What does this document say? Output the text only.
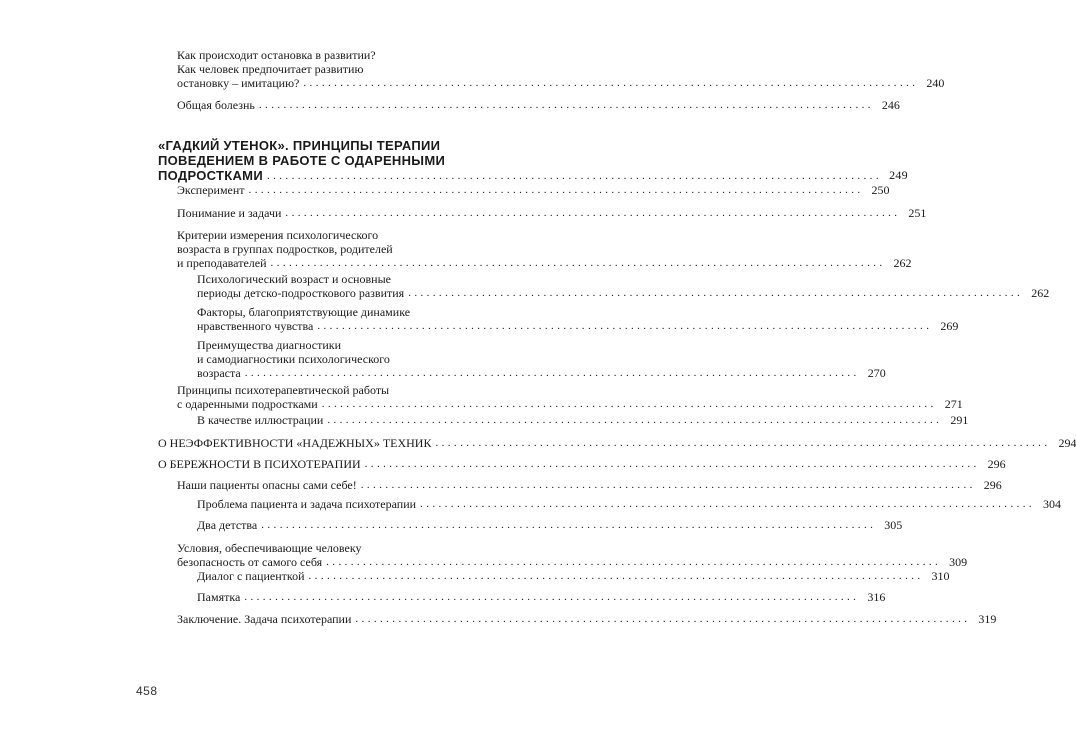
Как происходит остановка в развитии?
Как человек предпочитает развитию
остановку – имитацию? .................................................................................................... 240
Общая болезнь .................................................................................................... 246
«ГАДКИЙ УТЕНОК». ПРИНЦИПЫ ТЕРАПИИ
ПОВЕДЕНИЕМ В РАБОТЕ С ОДАРЕННЫМИ
ПОДРОСТКАМИ .................................................................................................... 249
Эксперимент .................................................................................................... 250
Понимание и задачи .................................................................................................... 251
Критерии измерения психологического
возраста в группах подростков, родителей
и преподавателей .................................................................................................... 262
Психологический возраст и основные
периоды детско-подросткового развития .................................................................................................... 262
Факторы, благоприятствующие динамике
нравственного чувства .................................................................................................... 269
Преимущества диагностики
и самодиагностики психологического
возраста .................................................................................................... 270
Принципы психотерапевтической работы
с одаренными подростками .................................................................................................... 271
В качестве иллюстрации .................................................................................................... 291
О НЕЭФФЕКТИВНОСТИ «НАДЕЖНЫХ» ТЕХНИК .................................................................................................... 294
О БЕРЕЖНОСТИ В ПСИХОТЕРАПИИ .................................................................................................... 296
Наши пациенты опасны сами себе! .................................................................................................... 296
Проблема пациента и задача психотерапии .................................................................................................... 304
Два детства .................................................................................................... 305
Условия, обеспечивающие человеку
безопасность от самого себя .................................................................................................... 309
Диалог с пациенткой .................................................................................................... 310
Памятка .................................................................................................... 316
Заключение. Задача психотерапии .................................................................................................... 319
458
